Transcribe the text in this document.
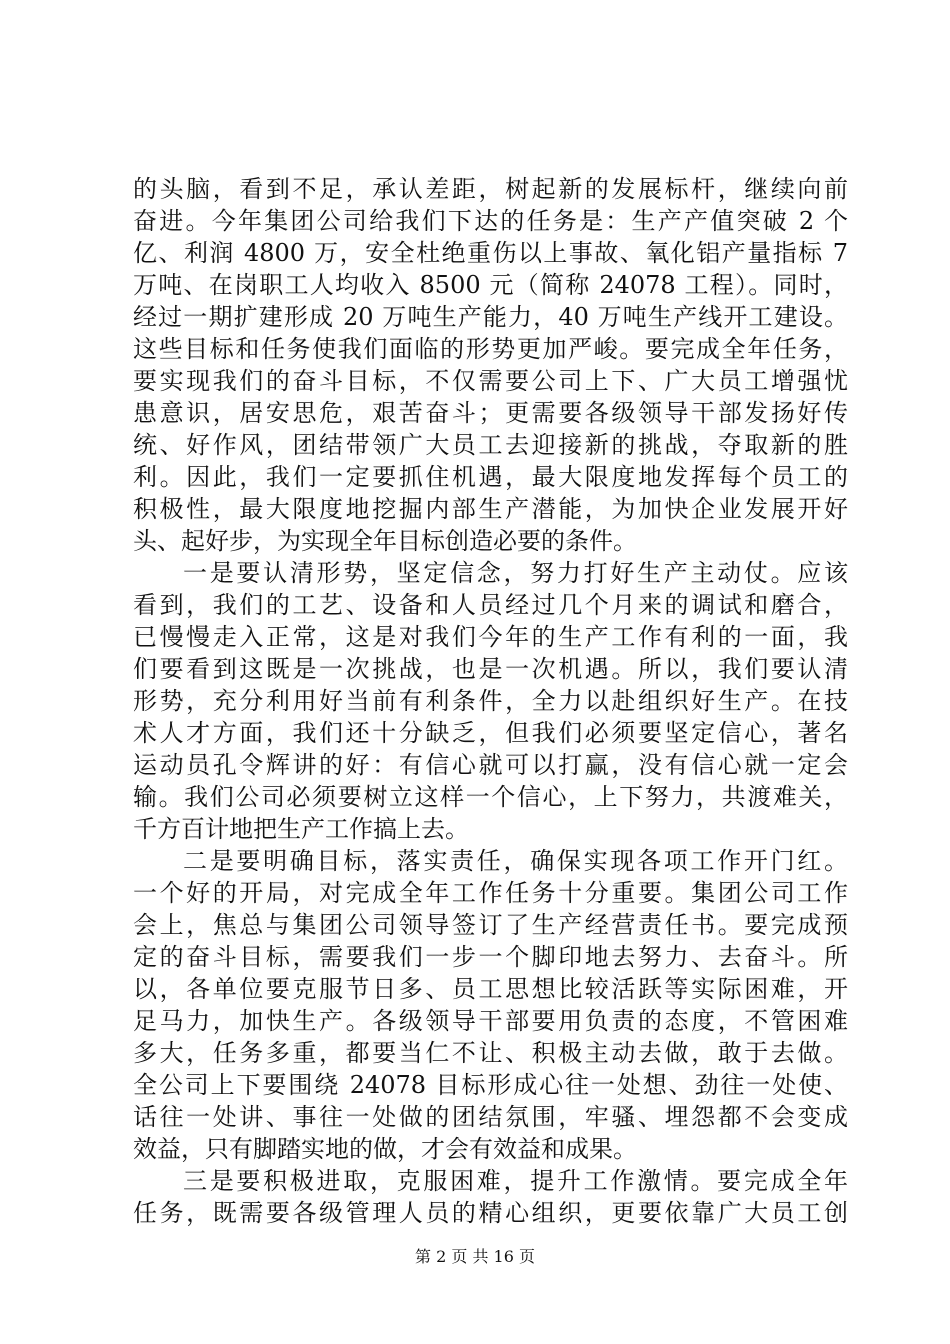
的头脑，看到不足，承认差距，树起新的发展标杆，继续向前
奋进。今年集团公司给我们下达的任务是：生产产值突破 2 个
亿、利润 4800 万，安全杜绝重伤以上事故、氧化铝产量指标 7
万吨、在岗职工人均收入 8500 元（简称 24078 工程）。同时，
经过一期扩建形成 20 万吨生产能力，40 万吨生产线开工建设。
这些目标和任务使我们面临的形势更加严峻。要完成全年任务，
要实现我们的奋斗目标，不仅需要公司上下、广大员工增强忧
患意识，居安思危，艰苦奋斗；更需要各级领导干部发扬好传
统、好作风，团结带领广大员工去迎接新的挑战，夺取新的胜
利。因此，我们一定要抓住机遇，最大限度地发挥每个员工的
积极性，最大限度地挖掘内部生产潜能，为加快企业发展开好
头、起好步，为实现全年目标创造必要的条件。
一是要认清形势，坚定信念，努力打好生产主动仗。应该
看到，我们的工艺、设备和人员经过几个月来的调试和磨合，
已慢慢走入正常，这是对我们今年的生产工作有利的一面，我
们要看到这既是一次挑战，也是一次机遇。所以，我们要认清
形势，充分利用好当前有利条件，全力以赴组织好生产。在技
术人才方面，我们还十分缺乏，但我们必须要坚定信心，著名
运动员孔令辉讲的好：有信心就可以打赢，没有信心就一定会
输。我们公司必须要树立这样一个信心，上下努力，共渡难关，
千方百计地把生产工作搞上去。
二是要明确目标，落实责任，确保实现各项工作开门红。
一个好的开局，对完成全年工作任务十分重要。集团公司工作
会上，焦总与集团公司领导签订了生产经营责任书。要完成预
定的奋斗目标，需要我们一步一个脚印地去努力、去奋斗。所
以，各单位要克服节日多、员工思想比较活跃等实际困难，开
足马力，加快生产。各级领导干部要用负责的态度，不管困难
多大，任务多重，都要当仁不让、积极主动去做，敢于去做。
全公司上下要围绕 24078 目标形成心往一处想、劲往一处使、
话往一处讲、事往一处做的团结氛围，牢骚、埋怨都不会变成
效益，只有脚踏实地的做，才会有效益和成果。
三是要积极进取，克服困难，提升工作激情。要完成全年
任务，既需要各级管理人员的精心组织，更要依靠广大员工创
第 2 页 共 16 页
